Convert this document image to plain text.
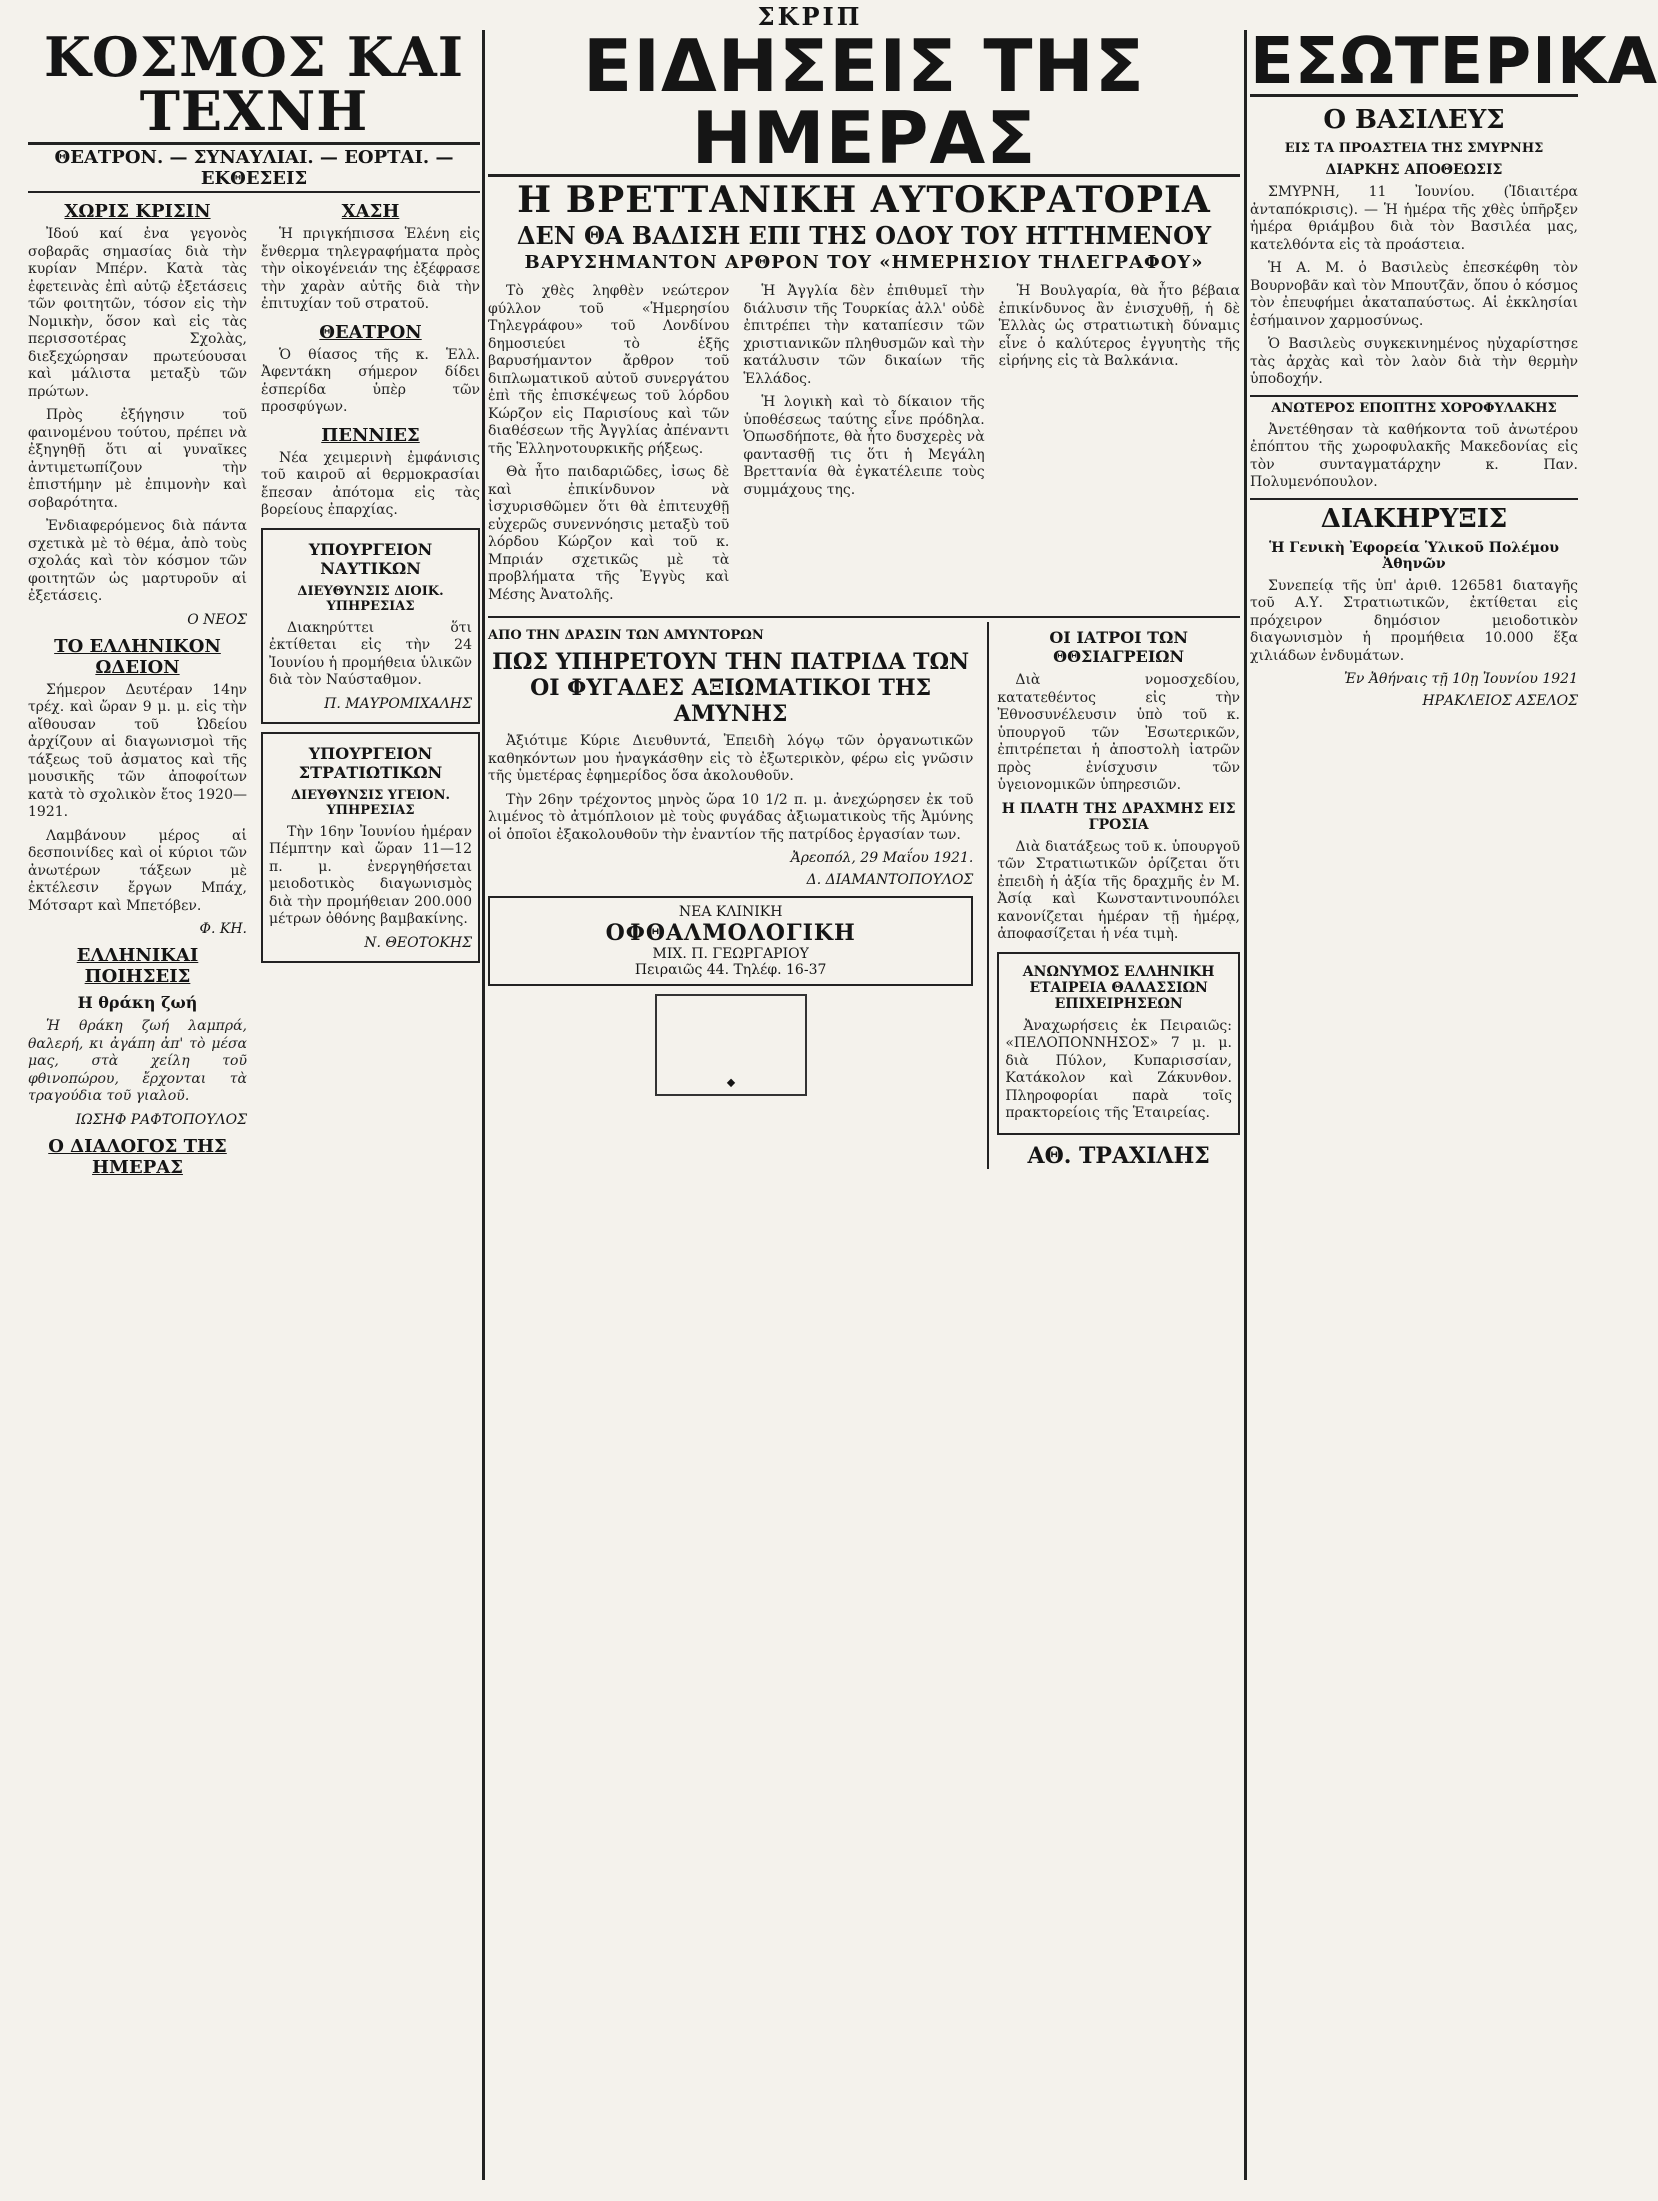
ΣΚΡΙΠ
ΚΟΣΜΟΣ ΚΑΙ ΤΕΧΝΗ
ΘΕΑΤΡΟΝ. — ΣΥΝΑΥΛΙΑΙ. — ΕΟΡΤΑΙ. — ΕΚΘΕΣΕΙΣ
ΧΩΡΙΣ ΚΡΙΣΙΝ

Ἰδού καί ἐνα γεγονὸς σοβαρᾶς σημασίας διὰ τὴν κυρίαν Μπέρν. Κατὰ τὰς ἐφετεινὰς ἐπὶ αὐτῷ ἐξετάσεις τῶν φοιτητῶν, τόσον εἰς τὴν Νομικὴν, ὅσον καὶ εἰς τὰς περισσοτέρας Σχολὰς, διεξεχώρησαν πρωτεύουσαι καὶ μάλιστα μεταξὺ τῶν πρώτων.

Πρὸς ἐξήγησιν τοῦ φαινομένου τούτου, πρέπει νὰ ἐξηγηθῇ ὅτι αἱ γυναῖκες ἀντιμετωπίζουν τὴν ἐπιστήμην μὲ ἐπιμονὴν καὶ σοβαρότητα.

Ἐνδιαφερόμενος διὰ πάντα σχετικὰ μὲ τὸ θέμα, ἀπὸ τοὺς σχολάς καὶ τὸν κόσμον τῶν φοιτητῶν ὡς μαρτυροῦν αἱ ἐξετάσεις.

Ο ΝΕΟΣ
ΤΟ ΕΛΛΗΝΙΚΟΝ ΩΔΕΙΟΝ

Σήμερον Δευτέραν 14ην τρέχ. καὶ ὥραν 9 μ. μ. εἰς τὴν αἴθουσαν τοῦ Ὠδείου ἀρχίζουν αἱ διαγωνισμοὶ τῆς τάξεως τοῦ ἀσματος καὶ τῆς μουσικῆς τῶν ἀποφοίτων κατὰ τὸ σχολικὸν ἔτος 1920—1921.

Λαμβάνουν μέρος αἱ δεσποινίδες καὶ οἱ κύριοι τῶν ἀνωτέρων τάξεων μὲ ἐκτέλεσιν ἔργων Μπάχ, Μότσαρτ καὶ Μπετόβεν.

Φ. ΚΗ.
ΕΛΛΗΝΙΚΑΙ ΠΟΙΗΣΕΙΣ
Η θράκη ζωή

Ἡ θράκη ζωή λαμπρά, θαλερή, κι ἀγάπη ἀπ' τὸ μέσα μας, στὰ χείλη τοῦ φθινοπώρου, ἔρχονται τὰ τραγούδια τοῦ γιαλοῦ.

ΙΩΣΗΦ ΡΑΦΤΟΠΟΥΛΟΣ
Ο ΔΙΑΛΟΓΟΣ ΤΗΣ ΗΜΕΡΑΣ
ΧΑΣΗ

Ἡ πριγκήπισσα Ἑλένη εἰς ἔνθερμα τηλεγραφήματα πρὸς τὴν οἰκογένειάν της ἐξέφρασε τὴν χαρὰν αὐτῆς διὰ τὴν ἐπιτυχίαν τοῦ στρατοῦ.

ΘΕΑΤΡΟΝ

Ὁ θίασος τῆς κ. Ἑλλ. Ἀφεντάκη σήμερον δίδει ἑσπερίδα ὑπὲρ τῶν προσφύγων.

ΠΕΝΝΙΕΣ

Νέα χειμερινὴ ἐμφάνισις τοῦ καιροῦ αἱ θερμοκρασίαι ἔπεσαν ἀπότομα εἰς τὰς βορείους ἐπαρχίας.

ΥΠΟΥΡΓΕΙΟΝ ΝΑΥΤΙΚΩΝ
ΔΙΕΥΘΥΝΣΙΣ ΔΙΟΙΚ. ΥΠΗΡΕΣΙΑΣ

Διακηρύττει ὅτι ἐκτίθεται εἰς τὴν 24 Ἰουνίου ἡ προμήθεια ὑλικῶν διὰ τὸν Ναύσταθμον.

Π. ΜΑΥΡΟΜΙΧΑΛΗΣ
ΥΠΟΥΡΓΕΙΟΝ ΣΤΡΑΤΙΩΤΙΚΩΝ
ΔΙΕΥΘΥΝΣΙΣ ΥΓΕΙΟΝ. ΥΠΗΡΕΣΙΑΣ

Τὴν 16ην Ἰουνίου ἡμέραν Πέμπτην καὶ ὥραν 11—12 π. μ. ἐνεργηθήσεται μειοδοτικὸς διαγωνισμὸς διὰ τὴν προμήθειαν 200.000 μέτρων ὀθόνης βαμβακίνης.

Ν. ΘΕΟΤΟΚΗΣ
ΕΙΔΗΣΕΙΣ ΤΗΣ ΗΜΕΡΑΣ
Η ΒΡΕΤΤΑΝΙΚΗ ΑΥΤΟΚΡΑΤΟΡΙΑ
ΔΕΝ ΘΑ ΒΑΔΙΣΗ ΕΠΙ ΤΗΣ ΟΔΟΥ ΤΟΥ ΗΤΤΗΜΕΝΟΥ
ΒΑΡΥΣΗΜΑΝΤΟΝ ΑΡΘΡΟΝ ΤΟΥ «ΗΜΕΡΗΣΙΟΥ ΤΗΛΕΓΡΑΦΟΥ»

Τὸ χθὲς ληφθὲν νεώτερον φύλλον τοῦ «Ἡμερησίου Τηλεγράφου» τοῦ Λονδίνου δημοσιεύει τὸ ἑξῆς βαρυσήμαντον ἄρθρον τοῦ διπλωματικοῦ αὐτοῦ συνεργάτου ἐπὶ τῆς ἐπισκέψεως τοῦ λόρδου Κώρζον εἰς Παρισίους καὶ τῶν διαθέσεων τῆς Ἀγγλίας ἀπέναντι τῆς Ἑλληνοτουρκικῆς ρήξεως.

Θὰ ἦτο παιδαριῶδες, ἰσως δὲ καὶ ἐπικίνδυνον νὰ ἰσχυρισθῶμεν ὅτι θὰ ἐπιτευχθῇ εὐχερῶς συνεννόησις μεταξὺ τοῦ λόρδου Κώρζον καὶ τοῦ κ. Μπριάν σχετικῶς μὲ τὰ προβλήματα τῆς Ἐγγὺς καὶ Μέσης Ἀνατολῆς.

Ἡ Ἀγγλία δὲν ἐπιθυμεῖ τὴν διάλυσιν τῆς Τουρκίας ἀλλ' οὐδὲ ἐπιτρέπει τὴν καταπίεσιν τῶν χριστιανικῶν πληθυσμῶν καὶ τὴν κατάλυσιν τῶν δικαίων τῆς Ἑλλάδος.

Ἡ λογικὴ καὶ τὸ δίκαιον τῆς ὑποθέσεως ταύτης εἶνε πρόδηλα. Ὁπωσδήποτε, θὰ ἦτο δυσχερὲς νὰ φαντασθῇ τις ὅτι ἡ Μεγάλη Βρεττανία θὰ ἐγκατέλειπε τοὺς συμμάχους της.

Ἡ Βουλγαρία, θὰ ἦτο βέβαια ἐπικίνδυνος ἂν ἐνισχυθῇ, ἡ δὲ Ἑλλὰς ὡς στρατιωτικὴ δύναμις εἶνε ὁ καλύτερος ἐγγυητὴς τῆς εἰρήνης εἰς τὰ Βαλκάνια.

ΑΠΟ ΤΗΝ ΔΡΑΣΙΝ ΤΩΝ ΑΜΥΝΤΟΡΩΝ
ΠΩΣ ΥΠΗΡΕΤΟΥΝ ΤΗΝ ΠΑΤΡΙΔΑ ΤΩΝ
ΟΙ ΦΥΓΑΔΕΣ ΑΞΙΩΜΑΤΙΚΟΙ ΤΗΣ ΑΜΥΝΗΣ

Ἀξιότιμε Κύριε Διευθυντά, Ἐπειδὴ λόγῳ τῶν ὀργανωτικῶν καθηκόντων μου ἠναγκάσθην εἰς τὸ ἐξωτερικὸν, φέρω εἰς γνῶσιν τῆς ὑμετέρας ἐφημερίδος ὅσα ἀκολουθοῦν.

Τὴν 26ην τρέχοντος μηνὸς ὥρα 10 1/2 π. μ. ἀνεχώρησεν ἐκ τοῦ λιμένος τὸ ἀτμόπλοιον μὲ τοὺς φυγάδας ἀξιωματικοὺς τῆς Ἀμύνης οἱ ὁποῖοι ἐξακολουθοῦν τὴν ἐναντίον τῆς πατρίδος ἐργασίαν των.

Ἀρεοπόλ, 29 Μαΐου 1921.
Δ. ΔΙΑΜΑΝΤΟΠΟΥΛΟΣ
ΝΕΑ ΚΛΙΝΙΚΗ
ΟΦΘΑΛΜΟΛΟΓΙΚΗ
ΜΙΧ. Π. ΓΕΩΡΓΑΡΙΟΥ
Πειραιῶς 44. Τηλέφ. 16-37
◆
ΟΙ ΙΑΤΡΟΙ ΤΩΝ ΘΘΣΙΑΓΡΕΙΩΝ

Διὰ νομοσχεδίου, κατατεθέντος εἰς τὴν Ἐθνοσυνέλευσιν ὑπὸ τοῦ κ. ὑπουργοῦ τῶν Ἐσωτερικῶν, ἐπιτρέπεται ἡ ἀποστολὴ ἰατρῶν πρὸς ἐνίσχυσιν τῶν ὑγειονομικῶν ὑπηρεσιῶν.

Η ΠΛΑΤΗ ΤΗΣ ΔΡΑΧΜΗΣ ΕΙΣ ΓΡΟΣΙΑ

Διὰ διατάξεως τοῦ κ. ὑπουργοῦ τῶν Στρατιωτικῶν ὁρίζεται ὅτι ἐπειδὴ ἡ ἀξία τῆς δραχμῆς ἐν Μ. Ἀσίᾳ καὶ Κωνσταντινουπόλει κανονίζεται ἡμέραν τῇ ἡμέρᾳ, ἀποφασίζεται ἡ νέα τιμὴ.

ΑΝΩΝΥΜΟΣ ΕΛΛΗΝΙΚΗ ΕΤΑΙΡΕΙΑ ΘΑΛΑΣΣΙΩΝ ΕΠΙΧΕΙΡΗΣΕΩΝ

Ἀναχωρήσεις ἐκ Πειραιῶς: «ΠΕΛΟΠΟΝΝΗΣΟΣ» 7 μ. μ. διὰ Πύλον, Κυπαρισσίαν, Κατάκολον καὶ Ζάκυνθον. Πληροφορίαι παρὰ τοῖς πρακτορείοις τῆς Ἑταιρείας.

ΑΘ. ΤΡΑΧΙΛΗΣ
ΕΣΩΤΕΡΙΚΑ
Ο ΒΑΣΙΛΕΥΣ
ΕΙΣ ΤΑ ΠΡΟΑΣΤΕΙΑ ΤΗΣ ΣΜΥΡΝΗΣ
ΔΙΑΡΚΗΣ ΑΠΟΘΕΩΣΙΣ

ΣΜΥΡΝΗ, 11 Ἰουνίου. (Ἰδιαιτέρα ἀνταπόκρισις). — Ἡ ἡμέρα τῆς χθὲς ὑπῆρξεν ἡμέρα θριάμβου διὰ τὸν Βασιλέα μας, κατελθόντα εἰς τὰ προάστεια.

Ἡ Α. Μ. ὁ Βασιλεὺς ἐπεσκέφθη τὸν Βουρνοβᾶν καὶ τὸν Μπουτζᾶν, ὅπου ὁ κόσμος τὸν ἐπευφήμει ἀκαταπαύστως. Αἱ ἐκκλησίαι ἐσήμαινον χαρμοσύνως.

Ὁ Βασιλεὺς συγκεκινημένος ηὐχαρίστησε τὰς ἀρχὰς καὶ τὸν λαὸν διὰ τὴν θερμὴν ὑποδοχήν.

ΑΝΩΤΕΡΟΣ ΕΠΟΠΤΗΣ ΧΟΡΟΦΥΛΑΚΗΣ

Ἀνετέθησαν τὰ καθήκοντα τοῦ ἀνωτέρου ἐπόπτου τῆς χωροφυλακῆς Μακεδονίας εἰς τὸν συνταγματάρχην κ. Παν. Πολυμενόπουλον.

ΔΙΑΚΗΡΥΞΙΣ
Ἡ Γενικὴ Ἐφορεία Ὑλικοῦ Πολέμου Ἀθηνῶν

Συνεπείᾳ τῆς ὑπ' ἀριθ. 126581 διαταγῆς τοῦ Α.Υ. Στρατιωτικῶν, ἐκτίθεται εἰς πρόχειρον δημόσιον μειοδοτικὸν διαγωνισμὸν ἡ προμήθεια 10.000 ἕξα χιλιάδων ἑνδυμάτων.

Ἐν Ἀθήναις τῇ 10ῃ Ἰουνίου 1921
ΗΡΑΚΛΕΙΟΣ ΑΣΕΛΟΣ
